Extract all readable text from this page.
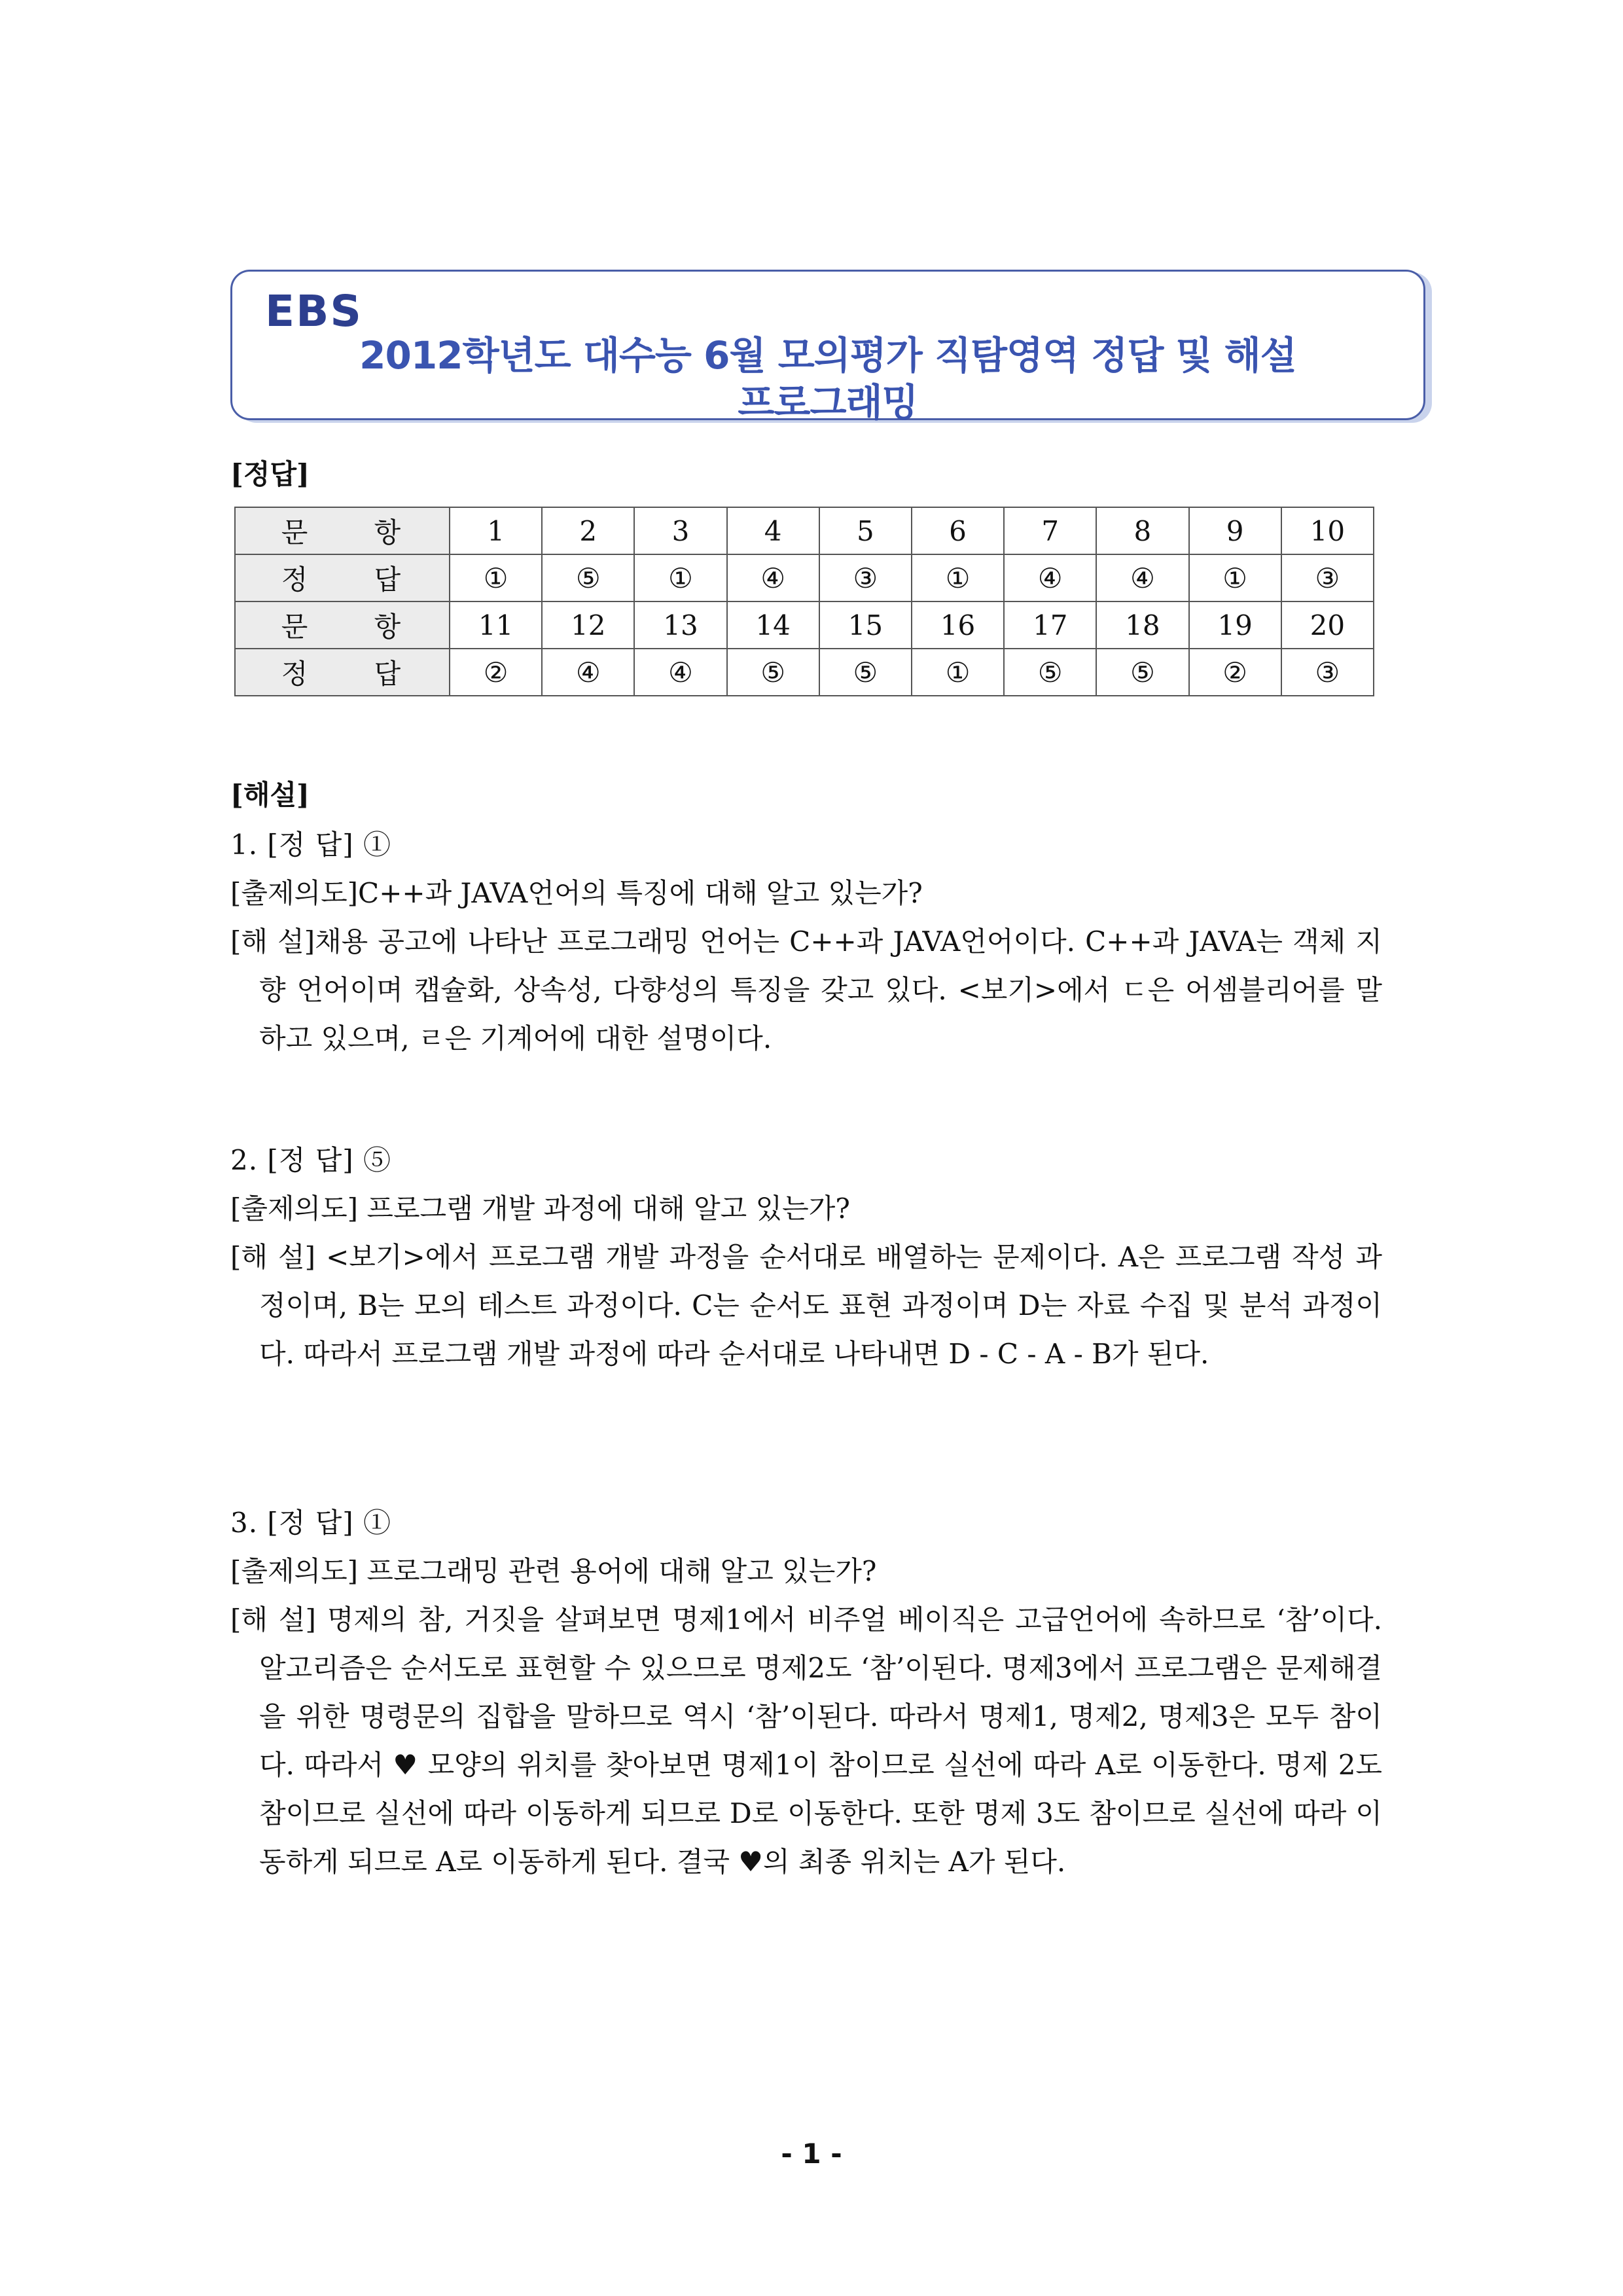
EBS
2012학년도 대수능 6월 모의평가 직탐영역 정답 및 해설
프로그래밍
[정답]
문 항	1	2	3	4	5	6	7	8	9	10
정 답	①	⑤	①	④	③	①	④	④	①	③
문 항	11	12	13	14	15	16	17	18	19	20
정 답	②	④	④	⑤	⑤	①	⑤	⑤	②	③
[해설]

1. [정 답] ①

[출제의도]C++과 JAVA언어의 특징에 대해 알고 있는가?

[해 설]채용 공고에 나타난 프로그래밍 언어는 C++과 JAVA언어이다. C++과 JAVA는 객체 지향 언어이며 캡슐화, 상속성, 다향성의 특징을 갖고 있다. <보기>에서 ㄷ은 어셈블리어를 말하고 있으며, ㄹ은 기계어에 대한 설명이다.

2. [정 답] ⑤

[출제의도] 프로그램 개발 과정에 대해 알고 있는가?

[해 설] <보기>에서 프로그램 개발 과정을 순서대로 배열하는 문제이다. A은 프로그램 작성 과정이며, B는 모의 테스트 과정이다. C는 순서도 표현 과정이며 D는 자료 수집 및 분석 과정이다. 따라서 프로그램 개발 과정에 따라 순서대로 나타내면 D - C - A - B가 된다.

3. [정 답] ①

[출제의도] 프로그래밍 관련 용어에 대해 알고 있는가?

[해 설] 명제의 참, 거짓을 살펴보면 명제1에서 비주얼 베이직은 고급언어에 속하므로 ‘참’이다. 알고리즘은 순서도로 표현할 수 있으므로 명제2도 ‘참’이된다. 명제3에서 프로그램은 문제해결을 위한 명령문의 집합을 말하므로 역시 ‘참’이된다. 따라서 명제1, 명제2, 명제3은 모두 참이다. 따라서 ♥ 모양의 위치를 찾아보면 명제1이 참이므로 실선에 따라 A로 이동한다. 명제 2도 참이므로 실선에 따라 이동하게 되므로 D로 이동한다. 또한 명제 3도 참이므로 실선에 따라 이동하게 되므로 A로 이동하게 된다. 결국 ♥의 최종 위치는 A가 된다.

- 1 -
